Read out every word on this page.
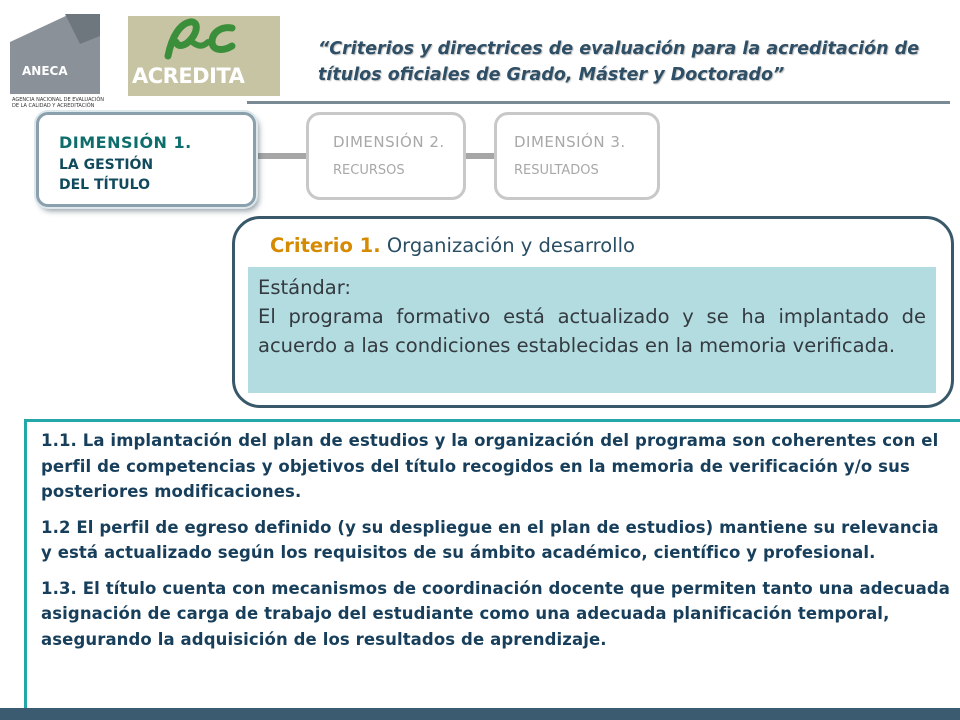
ANECA
AGENCIA NACIONAL DE EVALUACIÓN DE LA CALIDAD Y ACREDITACIÓN
ACREDITA
“Criterios y directrices de evaluación para la acreditación de títulos oficiales de Grado, Máster y Doctorado”
DIMENSIÓN 1.
LA GESTIÓN
DEL TÍTULO
DIMENSIÓN 2.
RECURSOS
DIMENSIÓN 3.
RESULTADOS
Criterio 1. Organización y desarrollo
Estándar:
El programa formativo está actualizado y se ha implantado de acuerdo a las condiciones establecidas en la memoria verificada.

1.1. La implantación del plan de estudios y la organización del programa son coherentes con el perfil de competencias y objetivos del título recogidos en la memoria de verificación y/o sus posteriores modificaciones.

1.2 El perfil de egreso definido (y su despliegue en el plan de estudios) mantiene su relevancia y está actualizado según los requisitos de su ámbito académico, científico y profesional.

1.3. El título cuenta con mecanismos de coordinación docente que permiten tanto una adecuada asignación de carga de trabajo del estudiante como una adecuada planificación temporal, asegurando la adquisición de los resultados de aprendizaje.
